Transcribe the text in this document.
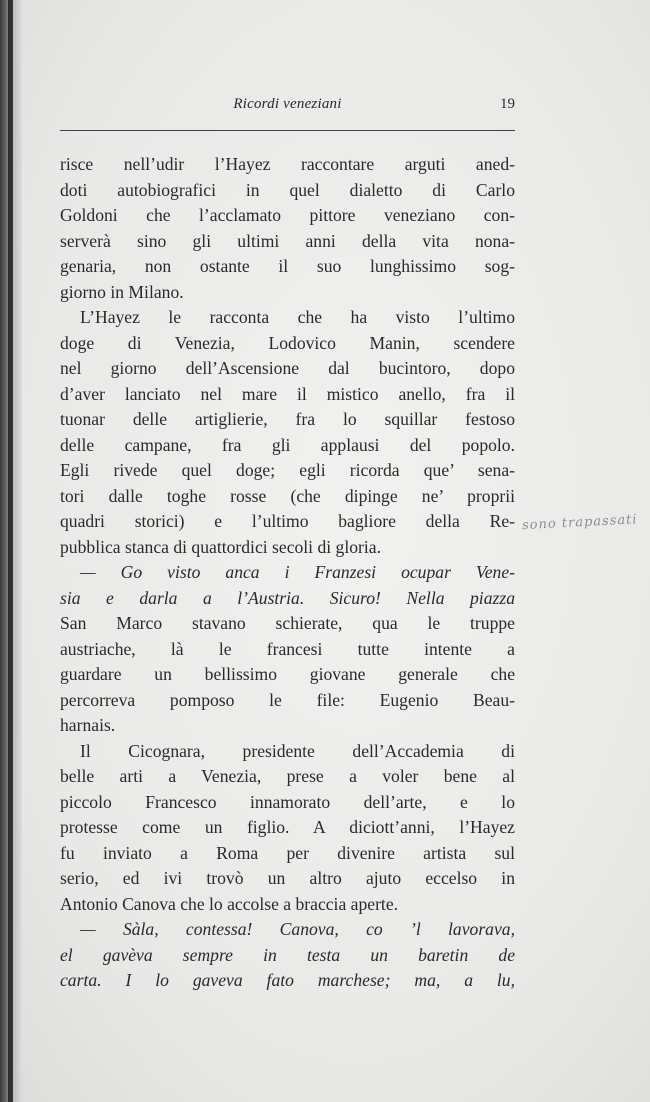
Ricordi veneziani	19
risce nell’udir l’Hayez raccontare arguti aned-
doti autobiografici in quel dialetto di Carlo
Goldoni che l’acclamato pittore veneziano con-
serverà sino gli ultimi anni della vita nona-
genaria, non ostante il suo lunghissimo sog-
giorno in Milano.
L’Hayez le racconta che ha visto l’ultimo
doge di Venezia, Lodovico Manin, scendere
nel giorno dell’Ascensione dal bucintoro, dopo
d’aver lanciato nel mare il mistico anello, fra il
tuonar delle artiglierie, fra lo squillar festoso
delle campane, fra gli applausi del popolo.
Egli rivede quel doge; egli ricorda que’ sena-
tori dalle toghe rosse (che dipinge ne’ proprii
quadri storici) e l’ultimo bagliore della Re-
pubblica stanca di quattordici secoli di gloria.
— Go visto anca i Franzesi ocupar Vene-
sia e darla a l’Austria. Sicuro! Nella piazza
San Marco stavano schierate, qua le truppe
austriache, là le francesi tutte intente a
guardare un bellissimo giovane generale che
percorreva pomposo le file: Eugenio Beau-
harnais.
Il Cicognara, presidente dell’Accademia di
belle arti a Venezia, prese a voler bene al
piccolo Francesco innamorato dell’arte, e lo
protesse come un figlio. A diciott’anni, l’Hayez
fu inviato a Roma per divenire artista sul
serio, ed ivi trovò un altro ajuto eccelso in
Antonio Canova che lo accolse a braccia aperte.
— Sàla, contessa! Canova, co ’l lavorava,
el gavèva sempre in testa un baretin de
carta. I lo gaveva fato marchese; ma, a lu,
sono trapassati
